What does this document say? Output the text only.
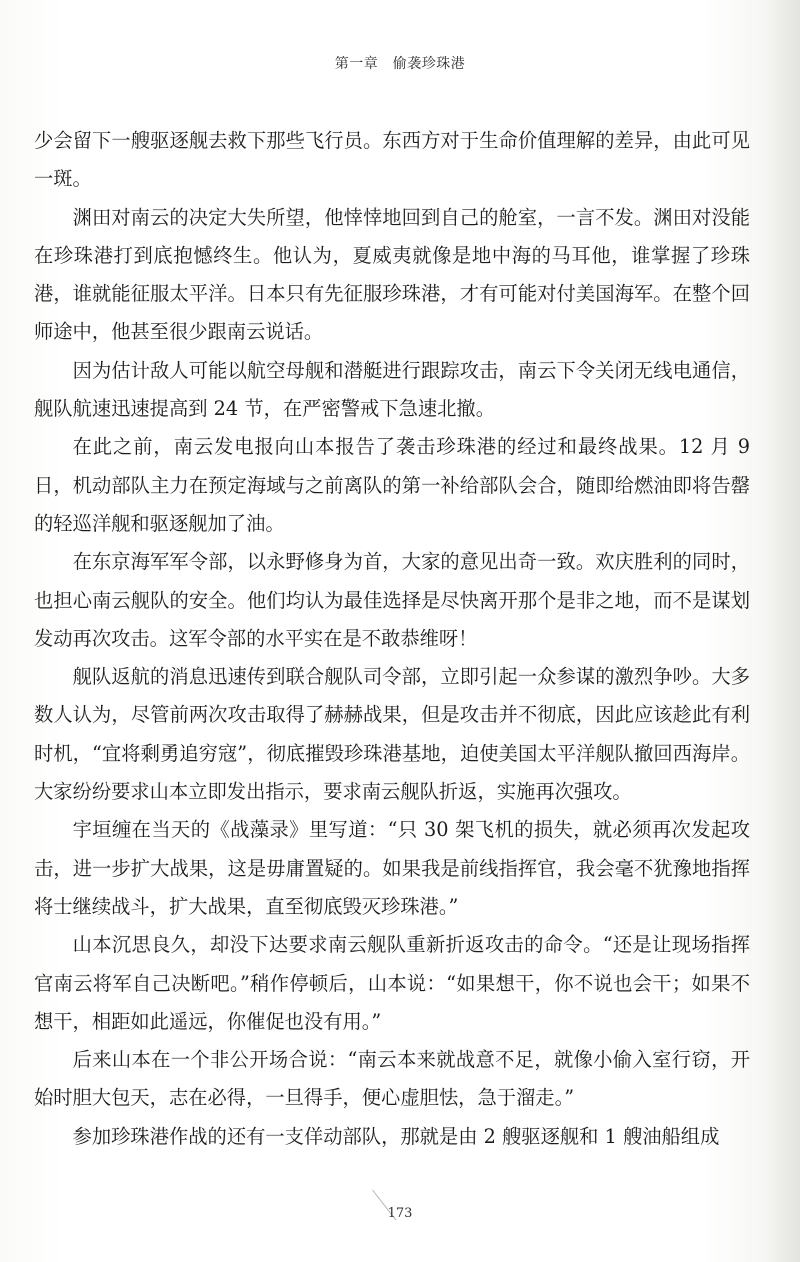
第一章　偷袭珍珠港

少会留下一艘驱逐舰去救下那些飞行员。东西方对于生命价值理解的差异，由此可见一斑。

渊田对南云的决定大失所望，他悻悻地回到自己的舱室，一言不发。渊田对没能在珍珠港打到底抱憾终生。他认为，夏威夷就像是地中海的马耳他，谁掌握了珍珠港，谁就能征服太平洋。日本只有先征服珍珠港，才有可能对付美国海军。在整个回师途中，他甚至很少跟南云说话。

因为估计敌人可能以航空母舰和潜艇进行跟踪攻击，南云下令关闭无线电通信，舰队航速迅速提高到 24 节，在严密警戒下急速北撤。

在此之前，南云发电报向山本报告了袭击珍珠港的经过和最终战果。12 月 9 日，机动部队主力在预定海域与之前离队的第一补给部队会合，随即给燃油即将告罄的轻巡洋舰和驱逐舰加了油。

在东京海军军令部，以永野修身为首，大家的意见出奇一致。欢庆胜利的同时，也担心南云舰队的安全。他们均认为最佳选择是尽快离开那个是非之地，而不是谋划发动再次攻击。这军令部的水平实在是不敢恭维呀！

舰队返航的消息迅速传到联合舰队司令部，立即引起一众参谋的激烈争吵。大多数人认为，尽管前两次攻击取得了赫赫战果，但是攻击并不彻底，因此应该趁此有利时机，“宜将剩勇追穷寇”，彻底摧毁珍珠港基地，迫使美国太平洋舰队撤回西海岸。大家纷纷要求山本立即发出指示，要求南云舰队折返，实施再次强攻。

宇垣缠在当天的《战藻录》里写道：“只 30 架飞机的损失，就必须再次发起攻击，进一步扩大战果，这是毋庸置疑的。如果我是前线指挥官，我会毫不犹豫地指挥将士继续战斗，扩大战果，直至彻底毁灭珍珠港。”

山本沉思良久，却没下达要求南云舰队重新折返攻击的命令。“还是让现场指挥官南云将军自己决断吧。”稍作停顿后，山本说：“如果想干，你不说也会干；如果不想干，相距如此遥远，你催促也没有用。”

后来山本在一个非公开场合说：“南云本来就战意不足，就像小偷入室行窃，开始时胆大包天，志在必得，一旦得手，便心虚胆怯，急于溜走。”

参加珍珠港作战的还有一支佯动部队，那就是由 2 艘驱逐舰和 1 艘油船组成

173
